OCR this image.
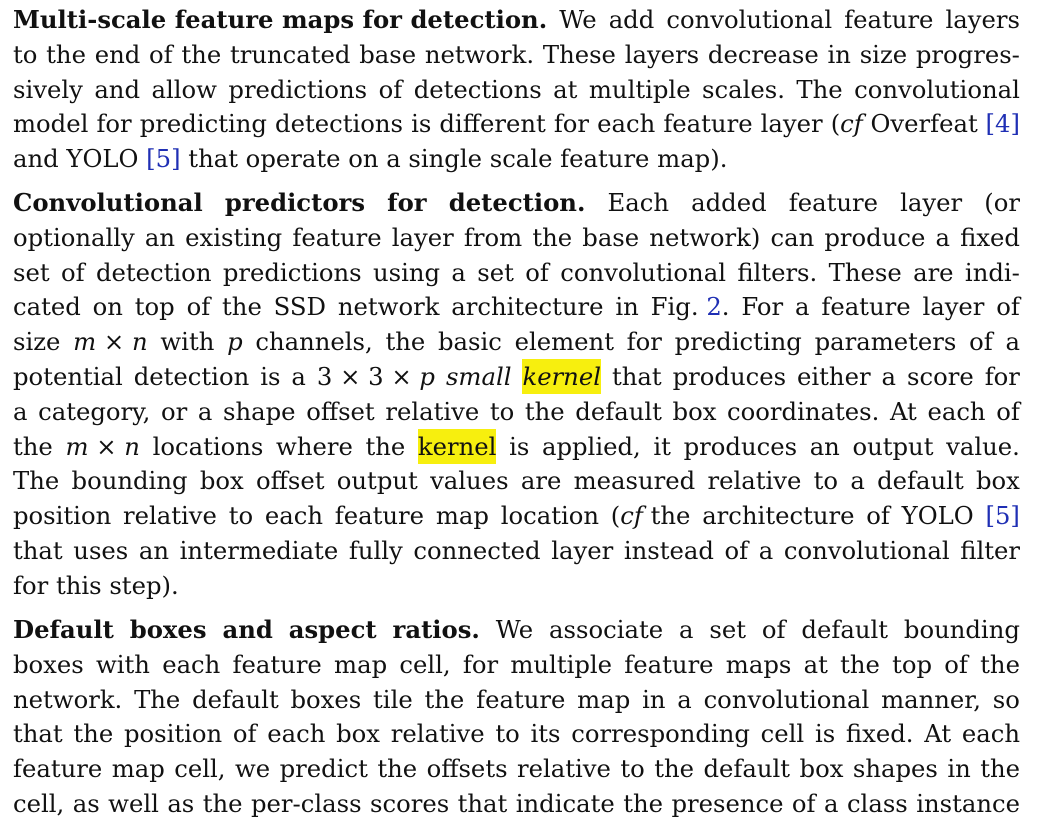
Multi-scale feature maps for detection. We add convolutional feature layers
to the end of the truncated base network. These layers decrease in size progres-
sively and allow predictions of detections at multiple scales. The convolutional
model for predicting detections is different for each feature layer (cf Overfeat [4]
and YOLO [5] that operate on a single scale feature map).
Convolutional predictors for detection. Each added feature layer (or
optionally an existing feature layer from the base network) can produce a fixed
set of detection predictions using a set of convolutional filters. These are indi-
cated on top of the SSD network architecture in Fig. 2. For a feature layer of
size m × n with p channels, the basic element for predicting parameters of a
potential detection is a 3 × 3 × p small kernel that produces either a score for
a category, or a shape offset relative to the default box coordinates. At each of
the m × n locations where the kernel is applied, it produces an output value.
The bounding box offset output values are measured relative to a default box
position relative to each feature map location (cf the architecture of YOLO [5]
that uses an intermediate fully connected layer instead of a convolutional filter
for this step).
Default boxes and aspect ratios. We associate a set of default bounding
boxes with each feature map cell, for multiple feature maps at the top of the
network. The default boxes tile the feature map in a convolutional manner, so
that the position of each box relative to its corresponding cell is fixed. At each
feature map cell, we predict the offsets relative to the default box shapes in the
cell, as well as the per-class scores that indicate the presence of a class instance
